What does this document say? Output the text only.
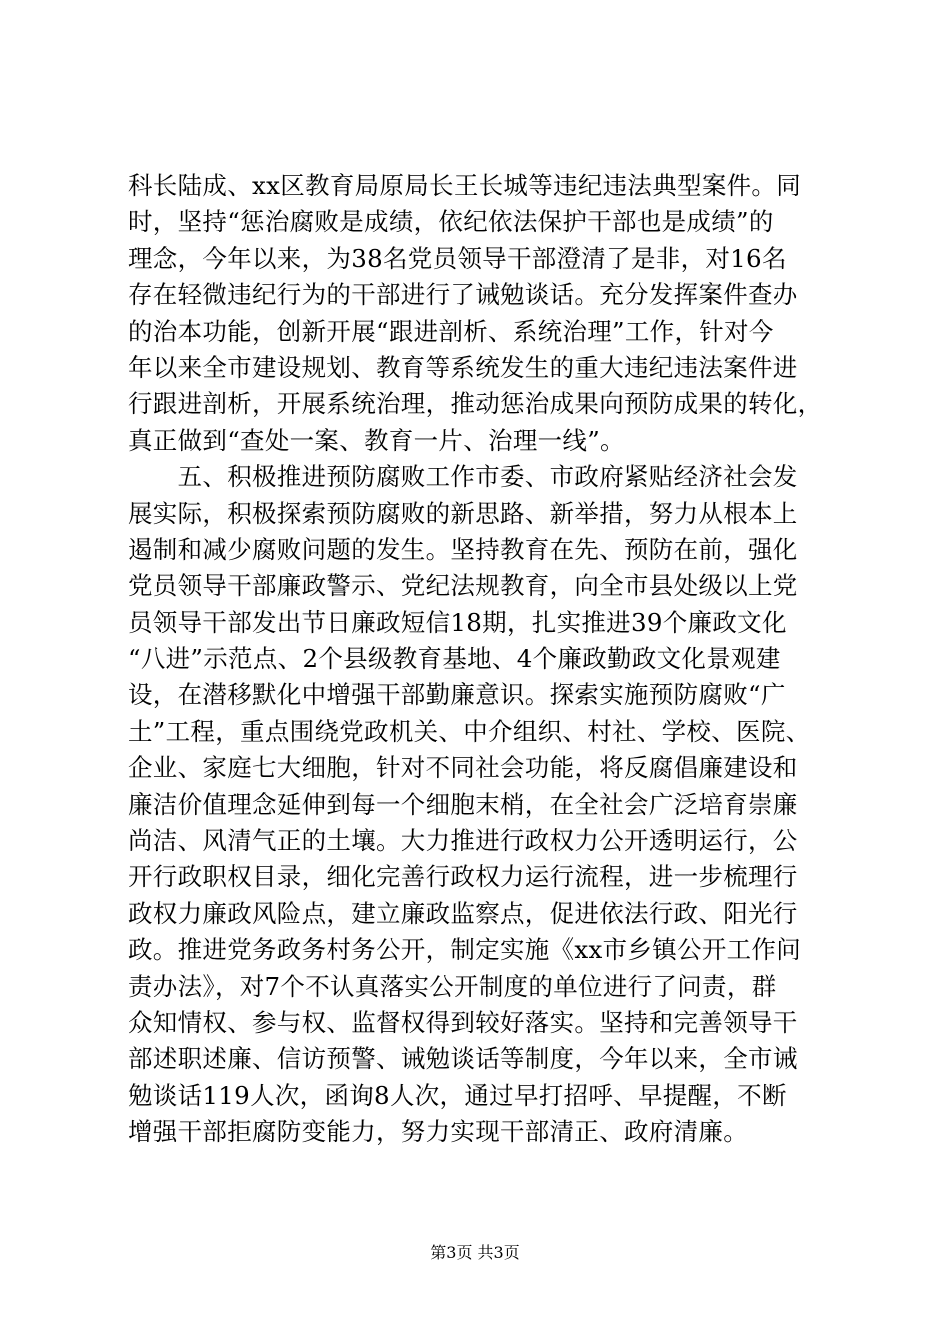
科长陆成、xx区教育局原局长王长城等违纪违法典型案件。同
时，坚持“惩治腐败是成绩，依纪依法保护干部也是成绩”的
理念，今年以来，为38名党员领导干部澄清了是非，对16名
存在轻微违纪行为的干部进行了诫勉谈话。充分发挥案件查办
的治本功能，创新开展“跟进剖析、系统治理”工作，针对今
年以来全市建设规划、教育等系统发生的重大违纪违法案件进
行跟进剖析，开展系统治理，推动惩治成果向预防成果的转化，
真正做到“查处一案、教育一片、治理一线”。
　　五、积极推进预防腐败工作市委、市政府紧贴经济社会发
展实际，积极探索预防腐败的新思路、新举措，努力从根本上
遏制和减少腐败问题的发生。坚持教育在先、预防在前，强化
党员领导干部廉政警示、党纪法规教育，向全市县处级以上党
员领导干部发出节日廉政短信18期，扎实推进39个廉政文化
“八进”示范点、2个县级教育基地、4个廉政勤政文化景观建
设，在潜移默化中增强干部勤廉意识。探索实施预防腐败“广
土”工程，重点围绕党政机关、中介组织、村社、学校、医院、
企业、家庭七大细胞，针对不同社会功能，将反腐倡廉建设和
廉洁价值理念延伸到每一个细胞末梢，在全社会广泛培育崇廉
尚洁、风清气正的土壤。大力推进行政权力公开透明运行，公
开行政职权目录，细化完善行政权力运行流程，进一步梳理行
政权力廉政风险点，建立廉政监察点，促进依法行政、阳光行
政。推进党务政务村务公开，制定实施《xx市乡镇公开工作问
责办法》，对7个不认真落实公开制度的单位进行了问责，群
众知情权、参与权、监督权得到较好落实。坚持和完善领导干
部述职述廉、信访预警、诫勉谈话等制度，今年以来，全市诫
勉谈话119人次，函询8人次，通过早打招呼、早提醒，不断
增强干部拒腐防变能力，努力实现干部清正、政府清廉。
第3页 共3页
